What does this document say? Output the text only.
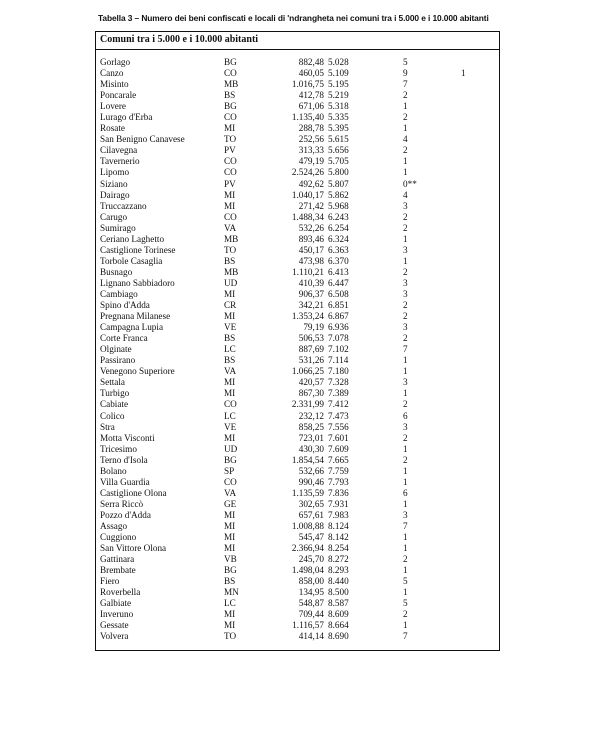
Tabella 3 – Numero dei beni confiscati e locali di 'ndrangheta nei comuni tra i 5.000 e i 10.000 abitanti
Comuni tra i 5.000 e i 10.000 abitanti
Gorlago	BG	882,48 5.028	5
Canzo	CO	460,05 5.109	9	1
Misinto	MB	1.016,75 5.195	7
Poncarale	BS	412,78 5.219	2
Lovere	BG	671,06 5.318	1
Lurago d'Erba	CO	1.135,40 5.335	2
Rosate	MI	288,78 5.395	1
San Benigno Canavese	TO	252,56 5.615	4
Cilavegna	PV	313,33 5.656	2
Tavernerio	CO	479,19 5.705	1
Lipomo	CO	2.524,26 5.800	1
Siziano	PV	492,62 5.807	0**
Dairago	MI	1.040,17 5.862	4
Truccazzano	MI	271,42 5.968	3
Carugo	CO	1.488,34 6.243	2
Sumirago	VA	532,26 6.254	2
Ceriano Laghetto	MB	893,46 6.324	1
Castiglione Torinese	TO	450,17 6.363	3
Torbole Casaglia	BS	473,98 6.370	1
Busnago	MB	1.110,21 6.413	2
Lignano Sabbiadoro	UD	410,39 6.447	3
Cambiago	MI	906,37 6.508	3
Spino d'Adda	CR	342,21 6.851	2
Pregnana Milanese	MI	1.353,24 6.867	2
Campagna Lupia	VE	79,19 6.936	3
Corte Franca	BS	506,53 7.078	2
Olginate	LC	887,69 7.102	7
Passirano	BS	531,26 7.114	1
Venegono Superiore	VA	1.066,25 7.180	1
Settala	MI	420,57 7.328	3
Turbigo	MI	867,30 7.389	1
Cabiate	CO	2.331,99 7.412	2
Colico	LC	232,12 7.473	6
Stra	VE	858,25 7.556	3
Motta Visconti	MI	723,01 7.601	2
Tricesimo	UD	430,30 7.609	1
Terno d'Isola	BG	1.854,54 7.665	2
Bolano	SP	532,66 7.759	1
Villa Guardia	CO	990,46 7.793	1
Castiglione Olona	VA	1.135,59 7.836	6
Serra Riccò	GE	302,65 7.931	1
Pozzo d'Adda	MI	657,61 7.983	3
Assago	MI	1.008,88 8.124	7
Cuggiono	MI	545,47 8.142	1
San Vittore Olona	MI	2.366,94 8.254	1
Gattinara	VB	245,70 8.272	2
Brembate	BG	1.498,04 8.293	1
Fiero	BS	858,00 8.440	5
Roverbella	MN	134,95 8.500	1
Galbiate	LC	548,87 8.587	5
Inveruno	MI	709,44 8.609	2
Gessate	MI	1.116,57 8.664	1
Volvera	TO	414,14 8.690	7
